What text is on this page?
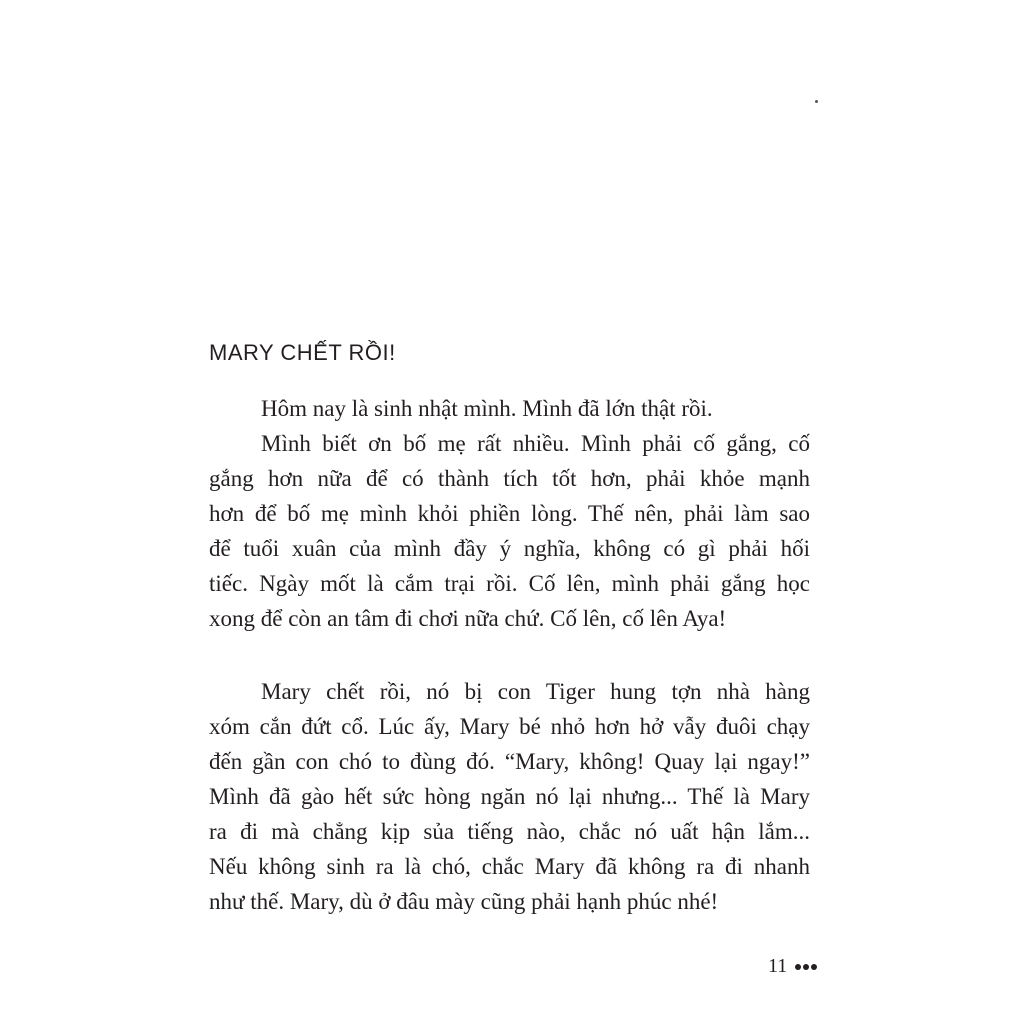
MARY CHẾT RỒI!

Hôm nay là sinh nhật mình. Mình đã lớn thật rồi.

Mình biết ơn bố mẹ rất nhiều. Mình phải cố gắng, cố

gắng hơn nữa để có thành tích tốt hơn, phải khỏe mạnh

hơn để bố mẹ mình khỏi phiền lòng. Thế nên, phải làm sao

để tuổi xuân của mình đầy ý nghĩa, không có gì phải hối

tiếc. Ngày mốt là cắm trại rồi. Cố lên, mình phải gắng học

xong để còn an tâm đi chơi nữa chứ. Cố lên, cố lên Aya!

Mary chết rồi, nó bị con Tiger hung tợn nhà hàng

xóm cắn đứt cổ. Lúc ấy, Mary bé nhỏ hơn hở vẫy đuôi chạy

đến gần con chó to đùng đó. “Mary, không! Quay lại ngay!”

Mình đã gào hết sức hòng ngăn nó lại nhưng... Thế là Mary

ra đi mà chẳng kịp sủa tiếng nào, chắc nó uất hận lắm...

Nếu không sinh ra là chó, chắc Mary đã không ra đi nhanh

như thế. Mary, dù ở đâu mày cũng phải hạnh phúc nhé!

11
